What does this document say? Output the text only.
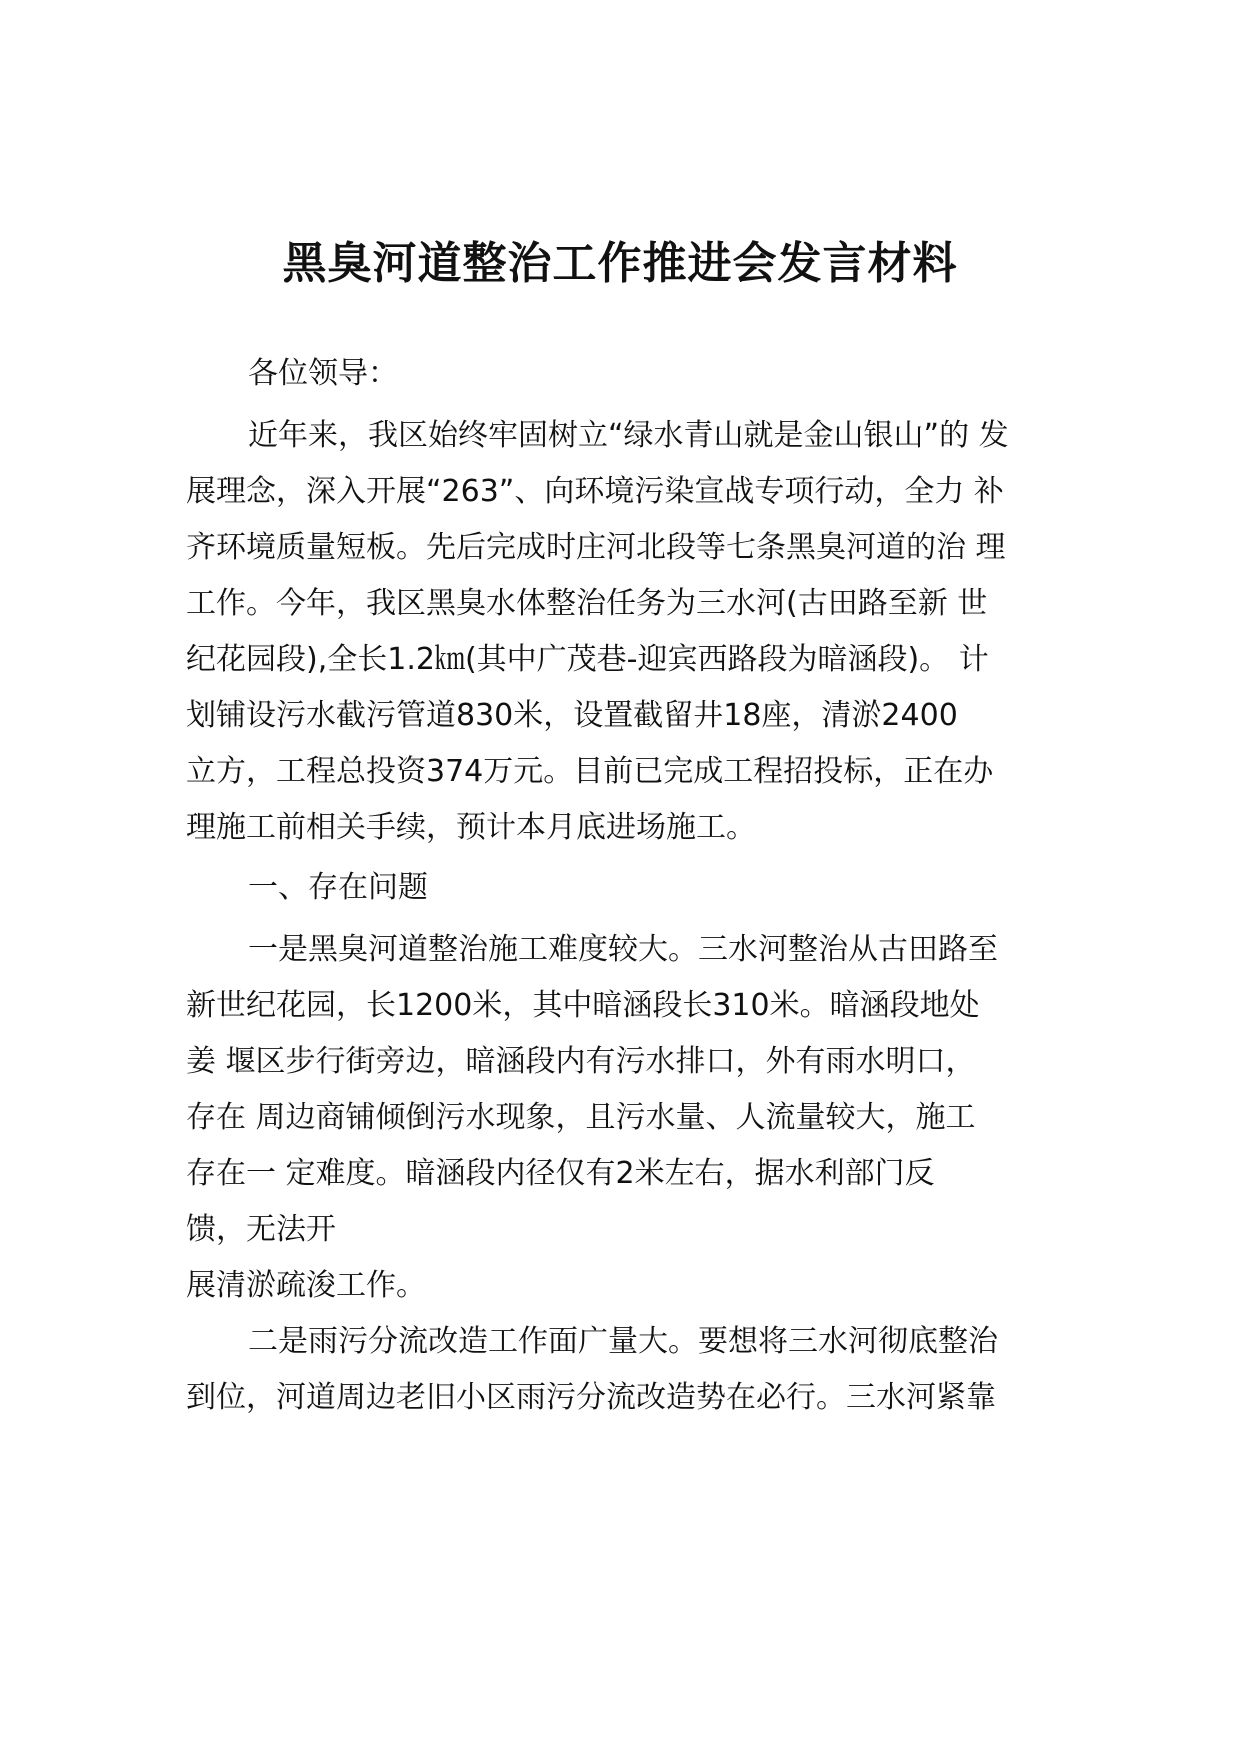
黑臭河道整治工作推进会发言材料

各位领导：

近年来，我区始终牢固树立“绿水青山就是金山银山”的 发

展理念，深入开展“263”、向环境污染宣战专项行动，全力 补

齐环境质量短板。先后完成时庄河北段等七条黑臭河道的治 理

工作。今年，我区黑臭水体整治任务为三水河(古田路至新 世

纪花园段),全长1.2㎞(其中广茂巷-迎宾西路段为暗涵段)。 计

划铺设污水截污管道830米，设置截留井18座，清淤2400

立方，工程总投资374万元。目前已完成工程招投标，正在办

理施工前相关手续，预计本月底进场施工。

一、存在问题

一是黑臭河道整治施工难度较大。三水河整治从古田路至

新世纪花园，长1200米，其中暗涵段长310米。暗涵段地处

姜 堰区步行街旁边，暗涵段内有污水排口，外有雨水明口，

存在 周边商铺倾倒污水现象，且污水量、人流量较大，施工

存在一 定难度。暗涵段内径仅有2米左右，据水利部门反

馈，无法开

展清淤疏浚工作。

二是雨污分流改造工作面广量大。要想将三水河彻底整治

到位，河道周边老旧小区雨污分流改造势在必行。三水河紧靠
